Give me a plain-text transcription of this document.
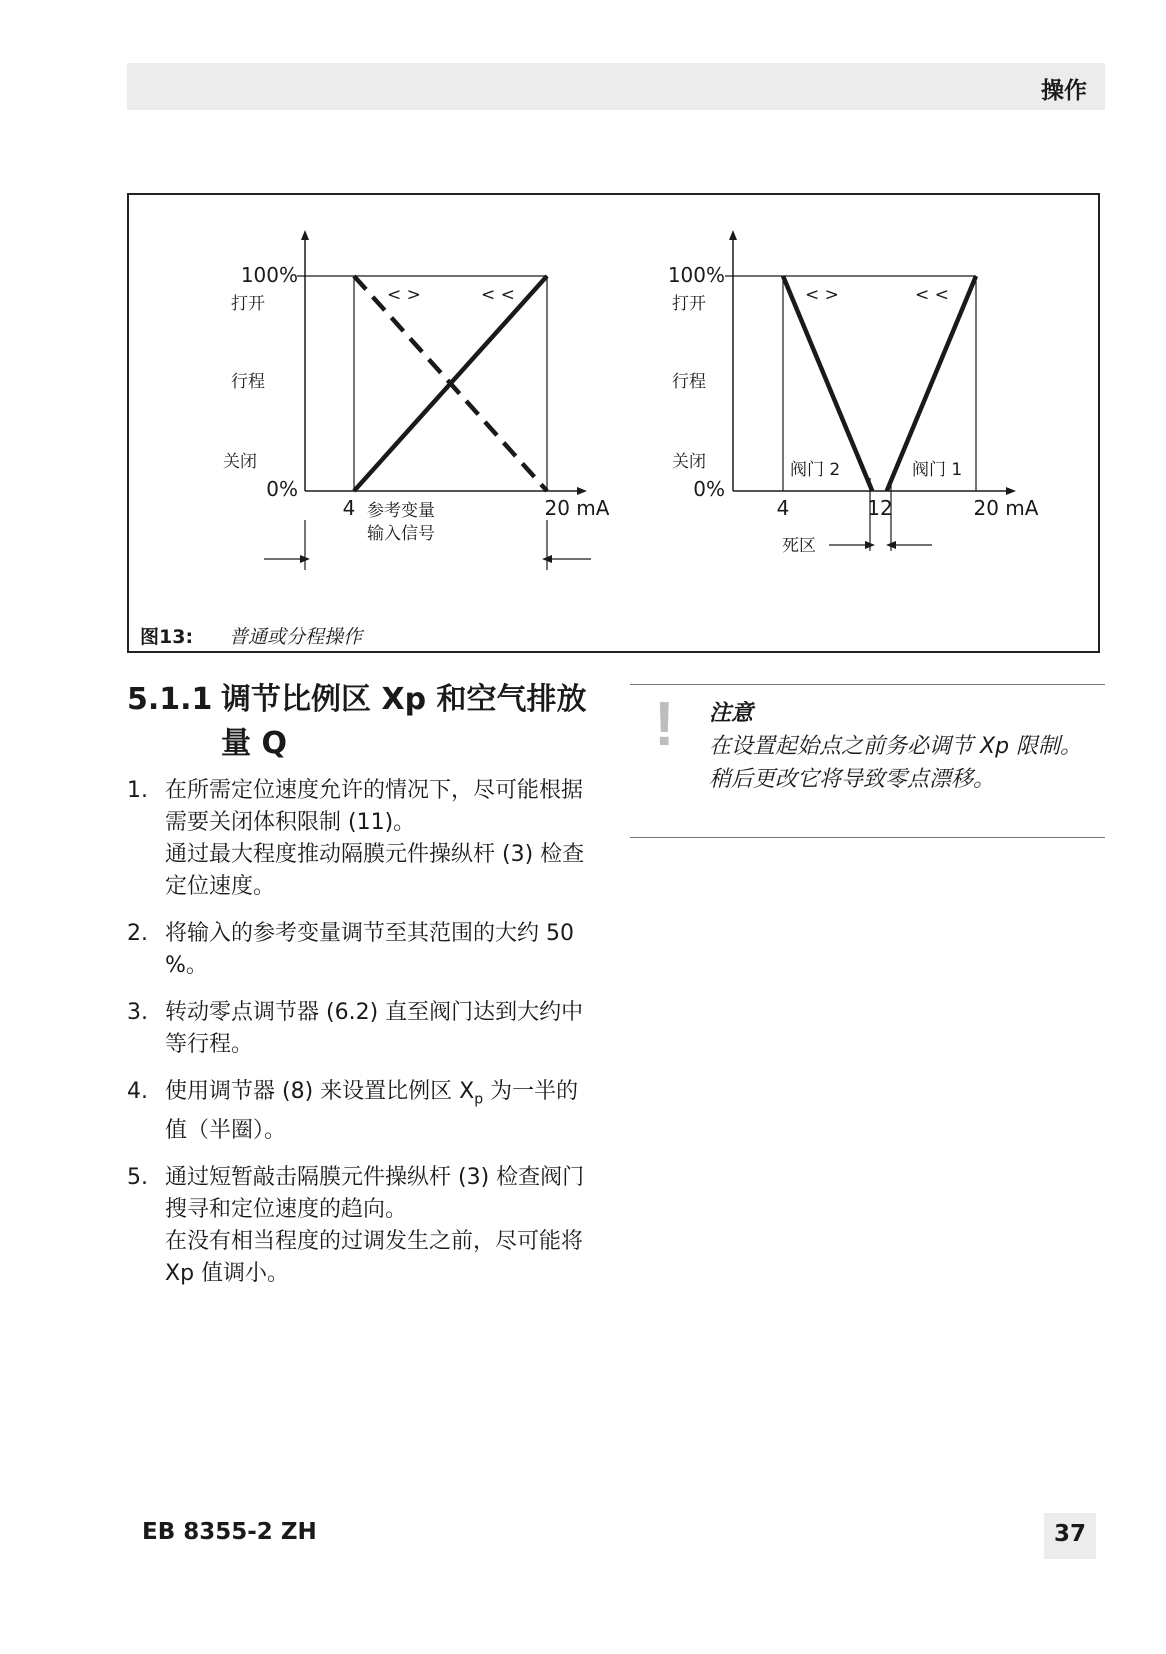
操作
< >	< <
100%
打开
行程
关闭
0%
4	20 mA
参考变量
输入信号
< >	< <
100%
打开
行程
关闭
0%
阀门 2	阀门 1
4	12	20 mA
死区
图13: 普通或分程操作
5.1.1 调节比例区 Xp 和空气排放量 Q
1. 在所需定位速度允许的情况下，尽可能根据需要关闭体积限制 (11)。
通过最大程度推动隔膜元件操纵杆 (3) 检查定位速度。
2. 将输入的参考变量调节至其范围的大约 50 %。
3. 转动零点调节器 (6.2) 直至阀门达到大约中等行程。
4. 使用调节器 (8) 来设置比例区 $X_p$ 为一半的值（半圈）。
5. 通过短暂敲击隔膜元件操纵杆 (3) 检查阀门搜寻和定位速度的趋向。
在没有相当程度的过调发生之前，尽可能将 Xp 值调小。
! 注意
在设置起始点之前务必调节 Xp 限制。
稍后更改它将导致零点漂移。
EB 8355-2 ZH	37
